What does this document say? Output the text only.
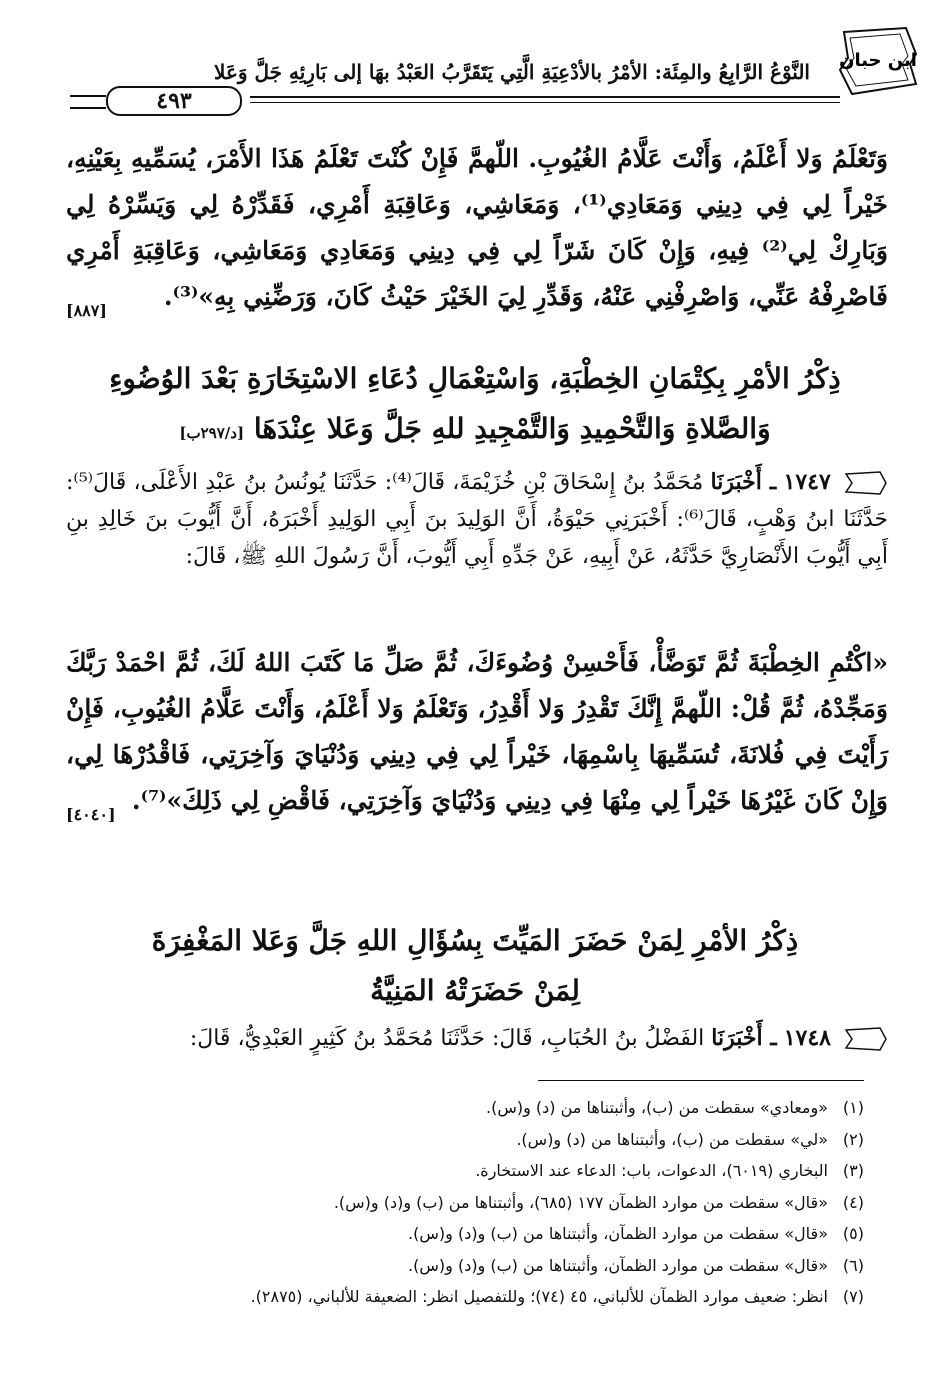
النَّوْعُ الرَّابِعُ والمِئَة: الأمْرُ بالأدْعِيَةِ الَّتِي يَتَقَرَّبُ العَبْدُ بهَا إلى بَارِئِهِ جَلَّ وَعَلا ابن حبان
٤٩٣
وَتَعْلَمُ وَلا أَعْلَمُ، وَأَنْتَ عَلَّامُ الغُيُوبِ. اللّهمَّ فَإِنْ كُنْتَ تَعْلَمُ هَذَا الأَمْرَ، يُسَمِّيهِ بِعَيْنِهِ، خَيْراً لِي فِي دِينِي وَمَعَادِي⁽¹⁾، وَمَعَاشِي، وَعَاقِبَةِ أَمْرِي، فَقَدِّرْهُ لِي وَيَسِّرْهُ لِي وَبَارِكْ لِي⁽²⁾ فِيهِ، وَإِنْ كَانَ شَرّاً لِي فِي دِينِي وَمَعَادِي وَمَعَاشِي، وَعَاقِبَةِ أَمْرِي فَاصْرِفْهُ عَنِّي، وَاصْرِفْنِي عَنْهُ، وَقَدِّرِ لِيَ الخَيْرَ حَيْثُ كَانَ، وَرَضِّنِي بِهِ»⁽³⁾.
[٨٨٧]
ذِكْرُ الأمْرِ بِكِتْمَانِ الخِطْبَةِ، وَاسْتِعْمَالِ دُعَاءِ الاسْتِخَارَةِ بَعْدَ الوُضُوءِ
وَالصَّلاةِ وَالتَّحْمِيدِ وَالتَّمْجِيدِ للهِ جَلَّ وَعَلا عِنْدَهَا [د/٢٩٧ب]
١٧٤٧ ـ أَخْبَرَنَا مُحَمَّدُ بنُ إِسْحَاقَ بْنِ خُزَيْمَةَ، قَالَ⁽⁴⁾: حَدَّثَنَا يُونُسُ بنُ عَبْدِ الأَعْلَى، قَالَ⁽⁵⁾: حَدَّثَنَا ابنُ وَهْبٍ، قَالَ⁽⁶⁾: أَخْبَرَنِي حَيْوَةُ، أَنَّ الوَلِيدَ بنَ أَبِي الوَلِيدِ أَخْبَرَهُ، أَنَّ أَيُّوبَ بنَ خَالِدِ بنِ أَبِي أَيُّوبَ الأَنْصَارِيَّ حَدَّثَهُ، عَنْ أَبِيهِ، عَنْ جَدِّهِ أَبِي أَيُّوبَ، أَنَّ رَسُولَ اللهِ ﷺ، قَالَ:
«اكْتُمِ الخِطْبَةَ ثُمَّ تَوَضَّأْ، فَأَحْسِنْ وُضُوءَكَ، ثُمَّ صَلِّ مَا كَتَبَ اللهُ لَكَ، ثُمَّ احْمَدْ رَبَّكَ وَمَجِّدْهُ، ثُمَّ قُلْ: اللّهمَّ إِنَّكَ تَقْدِرُ وَلا أَقْدِرُ، وَتَعْلَمُ وَلا أَعْلَمُ، وَأَنْتَ عَلَّامُ الغُيُوبِ، فَإِنْ رَأَيْتَ فِي فُلانَةَ، تُسَمِّيهَا بِاسْمِهَا، خَيْراً لِي فِي دِينِي وَدُنْيَايَ وَآخِرَتِي، فَاقْدُرْهَا لِي، وَإِنْ كَانَ غَيْرُهَا خَيْراً لِي مِنْهَا فِي دِينِي وَدُنْيَايَ وَآخِرَتِي، فَاقْضِ لِي ذَلِكَ»⁽⁷⁾.
[٤٠٤٠]
ذِكْرُ الأمْرِ لِمَنْ حَضَرَ المَيِّتَ بِسُؤَالِ اللهِ جَلَّ وَعَلا المَغْفِرَةَ
لِمَنْ حَضَرَتْهُ المَنِيَّةُ
١٧٤٨ ـ أَخْبَرَنَا الفَضْلُ بنُ الحُبَابِ، قَالَ: حَدَّثَنَا مُحَمَّدُ بنُ كَثِيرٍ العَبْدِيُّ، قَالَ:
(١)«ومعادي» سقطت من (ب)، وأثبتناها من (د) و(س).
(٢)«لي» سقطت من (ب)، وأثبتناها من (د) و(س).
(٣)البخاري (٦٠١٩)، الدعوات، باب: الدعاء عند الاستخارة.
(٤)«قال» سقطت من موارد الظمآن ١٧٧ (٦٨٥)، وأثبتناها من (ب) و(د) و(س).
(٥)«قال» سقطت من موارد الظمآن، وأثبتناها من (ب) و(د) و(س).
(٦)«قال» سقطت من موارد الظمآن، وأثبتناها من (ب) و(د) و(س).
(٧)انظر: ضعيف موارد الظمآن للألباني، ٤٥ (٧٤)؛ وللتفصيل انظر: الضعيفة للألباني، (٢٨٧٥).
